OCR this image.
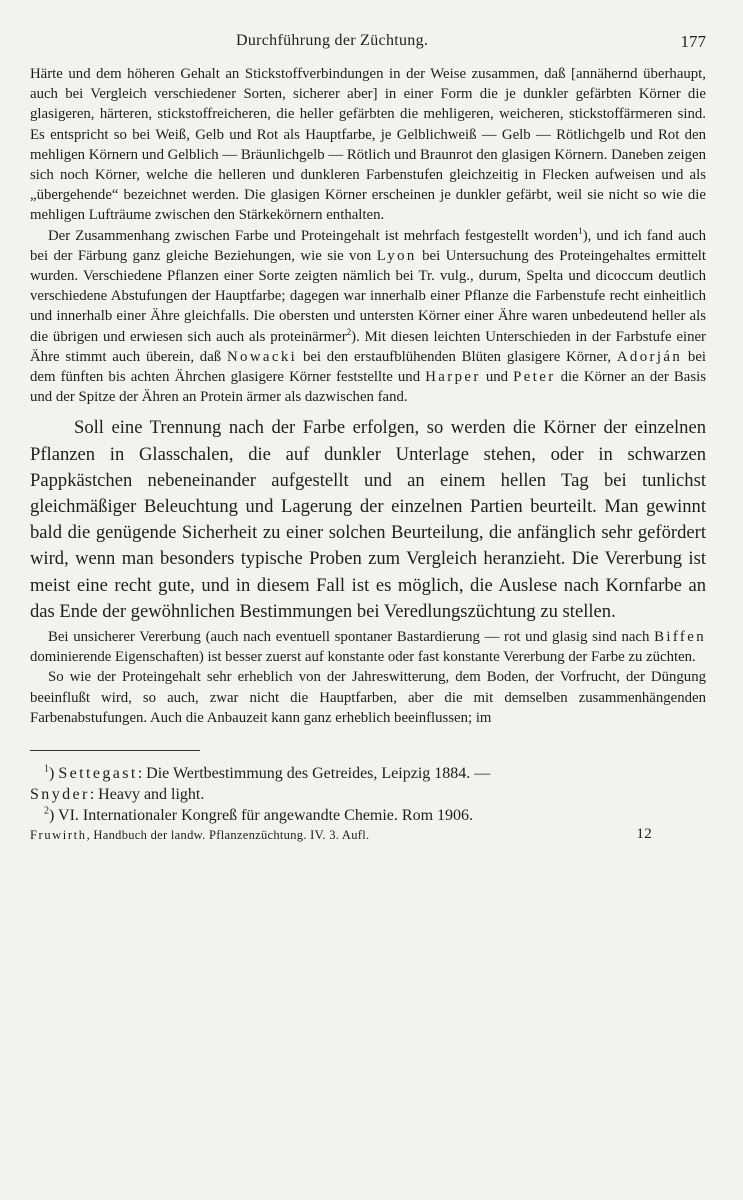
Durchführung der Züchtung.	177

Härte und dem höheren Gehalt an Stickstoffverbindungen in der Weise zusammen, daß [annähernd überhaupt, auch bei Vergleich verschiedener Sorten, sicherer aber] in einer Form die je dunkler gefärbten Körner die glasigeren, härteren, stickstoffreicheren, die heller gefärbten die mehligeren, weicheren, stickstoffärmeren sind. Es entspricht so bei Weiß, Gelb und Rot als Hauptfarbe, je Gelblichweiß — Gelb — Rötlichgelb und Rot den mehligen Körnern und Gelblich — Bräunlichgelb — Rötlich und Braunrot den glasigen Körnern. Daneben zeigen sich noch Körner, welche die helleren und dunkleren Farbenstufen gleichzeitig in Flecken aufweisen und als „übergehende“ bezeichnet werden. Die glasigen Körner erscheinen je dunkler gefärbt, weil sie nicht so wie die mehligen Lufträume zwischen den Stärkekörnern enthalten.

Der Zusammenhang zwischen Farbe und Proteingehalt ist mehrfach festgestellt worden$^1$), und ich fand auch bei der Färbung ganz gleiche Beziehungen, wie sie von Lyon bei Untersuchung des Proteingehaltes ermittelt wurden. Verschiedene Pflanzen einer Sorte zeigten nämlich bei Tr. vulg., durum, Spelta und dicoccum deutlich verschiedene Abstufungen der Hauptfarbe; dagegen war innerhalb einer Pflanze die Farbenstufe recht einheitlich und innerhalb einer Ähre gleichfalls. Die obersten und untersten Körner einer Ähre waren unbedeutend heller als die übrigen und erwiesen sich auch als proteinärmer$^2$). Mit diesen leichten Unterschieden in der Farbstufe einer Ähre stimmt auch überein, daß Nowacki bei den erstaufblühenden Blüten glasigere Körner, Adorján bei dem fünften bis achten Ährchen glasigere Körner feststellte und Harper und Peter die Körner an der Basis und der Spitze der Ähren an Protein ärmer als dazwischen fand.

Soll eine Trennung nach der Farbe erfolgen, so werden die Körner der einzelnen Pflanzen in Glasschalen, die auf dunkler Unterlage stehen, oder in schwarzen Pappkästchen nebeneinander aufgestellt und an einem hellen Tag bei tunlichst gleichmäßiger Beleuchtung und Lagerung der einzelnen Partien beurteilt. Man gewinnt bald die genügende Sicherheit zu einer solchen Beurteilung, die anfänglich sehr gefördert wird, wenn man besonders typische Proben zum Vergleich heranzieht. Die Vererbung ist meist eine recht gute, und in diesem Fall ist es möglich, die Auslese nach Kornfarbe an das Ende der gewöhnlichen Bestimmungen bei Veredlungszüchtung zu stellen.

Bei unsicherer Vererbung (auch nach eventuell spontaner Bastardierung — rot und glasig sind nach Biffen dominierende Eigenschaften) ist besser zuerst auf konstante oder fast konstante Vererbung der Farbe zu züchten.

So wie der Proteingehalt sehr erheblich von der Jahreswitterung, dem Boden, der Vorfrucht, der Düngung beeinflußt wird, so auch, zwar nicht die Hauptfarben, aber die mit demselben zusammenhängenden Farbenabstufungen. Auch die Anbauzeit kann ganz erheblich beeinflussen; im

$^1$) Settegast: Die Wertbestimmung des Getreides, Leipzig 1884. —

Snyder: Heavy and light.

$^2$) VI. Internationaler Kongreß für angewandte Chemie. Rom 1906.

Fruwirth, Handbuch der landw. Pflanzenzüchtung. IV. 3. Aufl.	12
